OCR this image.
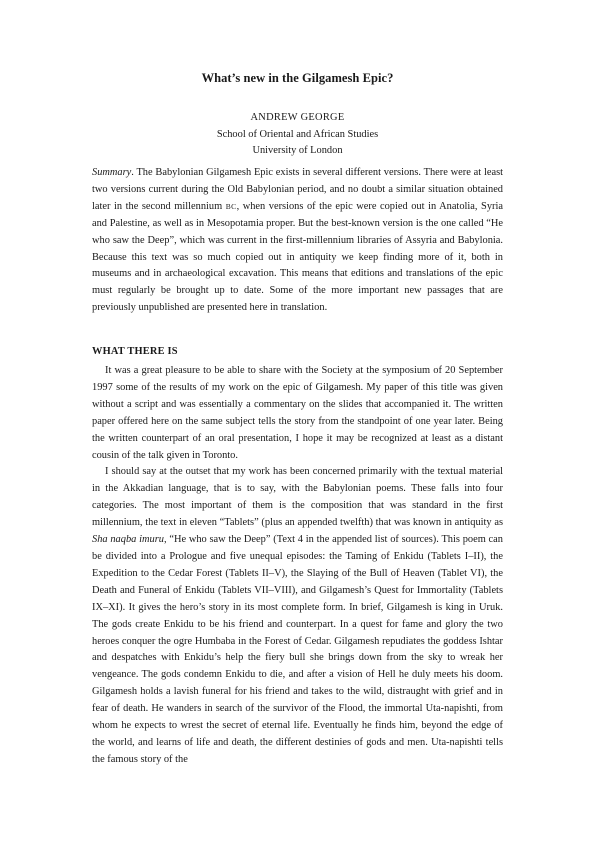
What’s new in the Gilgamesh Epic?
ANDREW GEORGE
School of Oriental and African Studies
University of London
Summary. The Babylonian Gilgamesh Epic exists in several different versions. There were at least two versions current during the Old Babylonian period, and no doubt a similar situation obtained later in the second millennium BC, when versions of the epic were copied out in Anatolia, Syria and Palestine, as well as in Mesopotamia proper. But the best-known version is the one called “He who saw the Deep”, which was current in the first-millennium libraries of Assyria and Babylonia. Because this text was so much copied out in antiquity we keep finding more of it, both in museums and in archaeological excavation. This means that editions and translations of the epic must regularly be brought up to date. Some of the more important new passages that are previously unpublished are presented here in translation.
WHAT THERE IS

It was a great pleasure to be able to share with the Society at the symposium of 20 September 1997 some of the results of my work on the epic of Gilgamesh. My paper of this title was given without a script and was essentially a commentary on the slides that accompanied it. The written paper offered here on the same subject tells the story from the standpoint of one year later. Being the written counterpart of an oral presentation, I hope it may be recognized at least as a distant cousin of the talk given in Toronto.

I should say at the outset that my work has been concerned primarily with the textual material in the Akkadian language, that is to say, with the Babylonian poems. These falls into four categories. The most important of them is the composition that was standard in the first millennium, the text in eleven “Tablets” (plus an appended twelfth) that was known in antiquity as Sha naqba imuru, “He who saw the Deep” (Text 4 in the appended list of sources). This poem can be divided into a Prologue and five unequal episodes: the Taming of Enkidu (Tablets I–II), the Expedition to the Cedar Forest (Tablets II–V), the Slaying of the Bull of Heaven (Tablet VI), the Death and Funeral of Enkidu (Tablets VII–VIII), and Gilgamesh’s Quest for Immortality (Tablets IX–XI). It gives the hero’s story in its most complete form. In brief, Gilgamesh is king in Uruk. The gods create Enkidu to be his friend and counterpart. In a quest for fame and glory the two heroes conquer the ogre Humbaba in the Forest of Cedar. Gilgamesh repudiates the goddess Ishtar and despatches with Enkidu’s help the fiery bull she brings down from the sky to wreak her vengeance. The gods condemn Enkidu to die, and after a vision of Hell he duly meets his doom. Gilgamesh holds a lavish funeral for his friend and takes to the wild, distraught with grief and in fear of death. He wanders in search of the survivor of the Flood, the immortal Uta-napishti, from whom he expects to wrest the secret of eternal life. Eventually he finds him, beyond the edge of the world, and learns of life and death, the different destinies of gods and men. Uta-napishti tells the famous story of the
